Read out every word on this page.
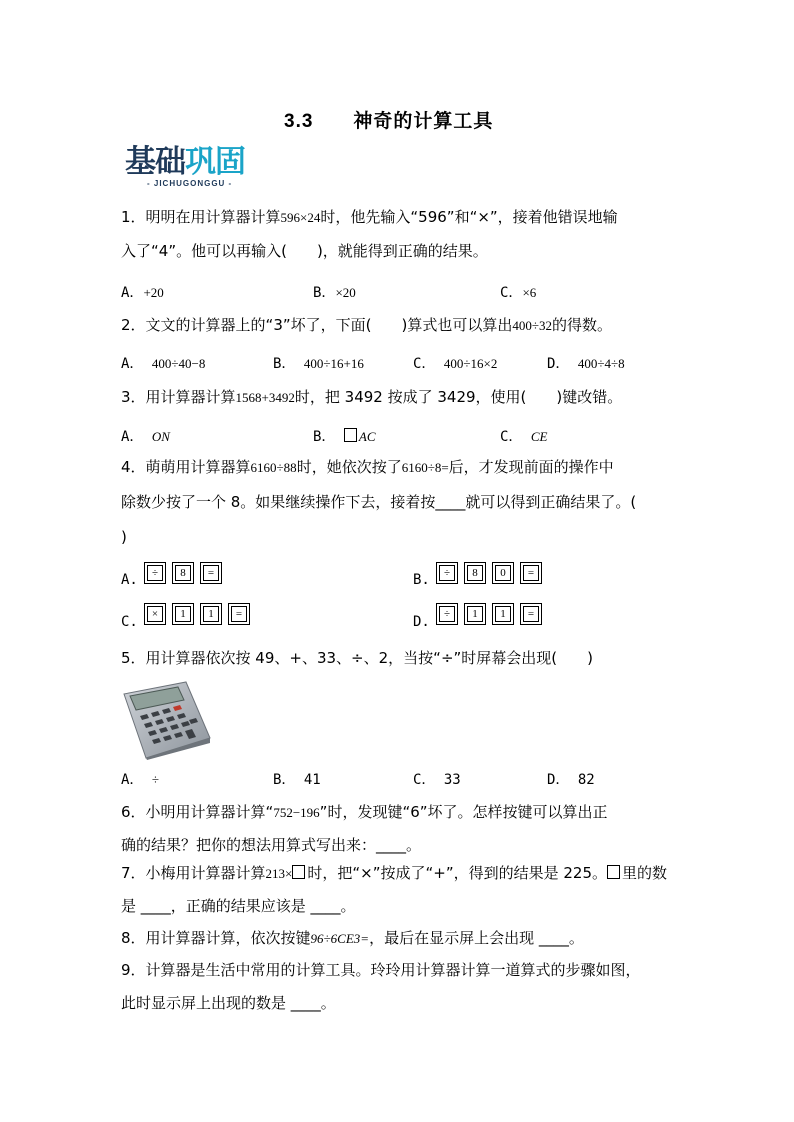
3.3 神奇的计算工具
基础巩固
- JICHUGONGGU -
1．明明在用计算器计算596×24时，他先输入“596”和“×”，接着他错误地输
入了“4”。他可以再输入(　　)，就能得到正确的结果。
A．+20	B．×20	C．×6
2．文文的计算器上的“3”坏了，下面(　　)算式也可以算出400÷32的得数。
A． 400÷40−8	B． 400÷16+16	C． 400÷16×2	D． 400÷4÷8
3．用计算器计算1568+3492时，把 3492 按成了 3429，使用(　　)键改错。
A． ON	B． AC	C． CE
4．萌萌用计算器算6160÷88时，她依次按了6160÷8=后，才发现前面的操作中
除数少按了一个 8。如果继续操作下去，接着按____就可以得到正确结果了。(
)
A.	÷	8	=	B.	÷	8	0	=
C.
×	1	1	=
D.
÷	1	1	=
5．用计算器依次按 49、+、33、÷、2，当按“÷”时屏幕会出现(　　)
A． ÷	B． 41	C． 33	D． 82
6．小明用计算器计算“752−196”时，发现键“6”坏了。怎样按键可以算出正
确的结果？把你的想法用算式写出来：____。
7．小梅用计算器计算213× 时，把“×”按成了“+”，得到的结果是 225。 里的数
是 ____，正确的结果应该是 ____。
8．用计算器计算，依次按键96÷6CE3=，最后在显示屏上会出现 ____。
9．计算器是生活中常用的计算工具。玲玲用计算器计算一道算式的步骤如图，
此时显示屏上出现的数是 ____。
